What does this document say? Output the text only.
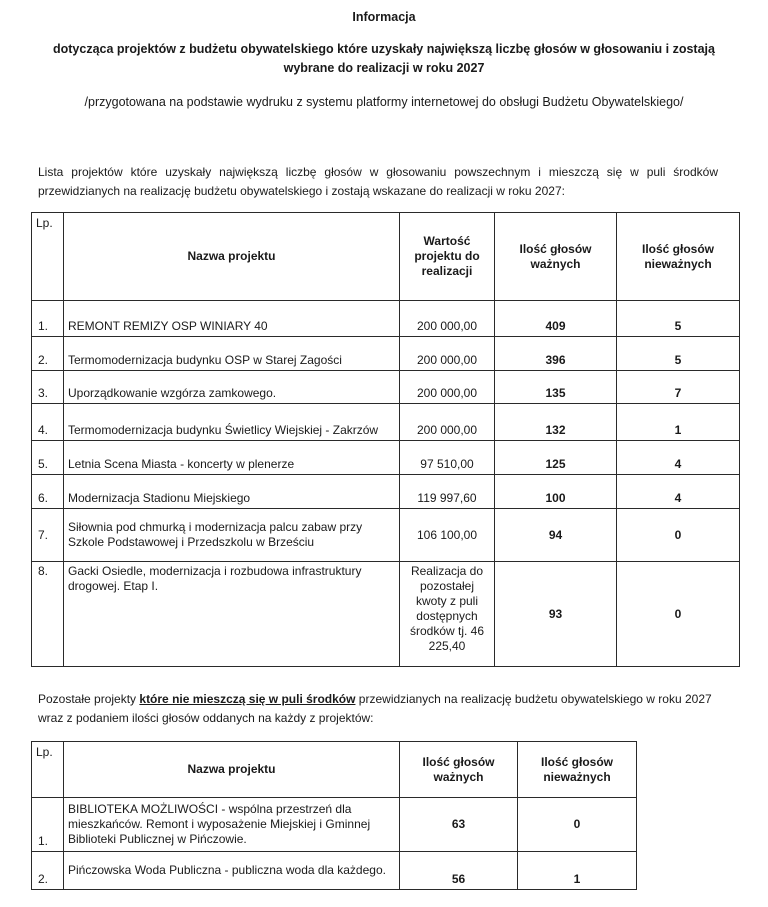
Informacja
dotycząca projektów z budżetu obywatelskiego które uzyskały największą liczbę głosów w głosowaniu i zostają wybrane do realizacji w roku 2027
/przygotowana na podstawie wydruku z systemu platformy internetowej do obsługi Budżetu Obywatelskiego/
Lista projektów które uzyskały największą liczbę głosów w głosowaniu powszechnym i mieszczą się w puli środków przewidzianych na realizację budżetu obywatelskiego i zostają wskazane do realizacji w roku 2027:
Lp.	Nazwa projektu	Wartość projektu do realizacji	Ilość głosów ważnych	Ilość głosów nieważnych
1.	REMONT REMIZY OSP WINIARY 40	200 000,00	409	5
2.	Termomodernizacja budynku OSP w Starej Zagości	200 000,00	396	5
3.	Uporządkowanie wzgórza zamkowego.	200 000,00	135	7
4.	Termomodernizacja budynku Świetlicy Wiejskiej - Zakrzów	200 000,00	132	1
5.	Letnia Scena Miasta - koncerty w plenerze	97 510,00	125	4
6.	Modernizacja Stadionu Miejskiego	119 997,60	100	4
7.	Siłownia pod chmurką i modernizacja palcu zabaw przy Szkole Podstawowej i Przedszkolu w Brześciu	106 100,00	94	0
8.	Gacki Osiedle, modernizacja i rozbudowa infrastruktury drogowej. Etap I.	Realizacja do pozostałej kwoty z puli dostępnych środków tj. 46 225,40	93	0
Pozostałe projekty które nie mieszczą się w puli środków przewidzianych na realizację budżetu obywatelskiego w roku 2027 wraz z podaniem ilości głosów oddanych na każdy z projektów:
Lp.	Nazwa projektu	Ilość głosów ważnych	Ilość głosów nieważnych
1.	BIBLIOTEKA MOŻLIWOŚCI - wspólna przestrzeń dla mieszkańców. Remont i wyposażenie Miejskiej i Gminnej Biblioteki Publicznej w Pińczowie.	63	0
2.	Pińczowska Woda Publiczna - publiczna woda dla każdego.	56	1
